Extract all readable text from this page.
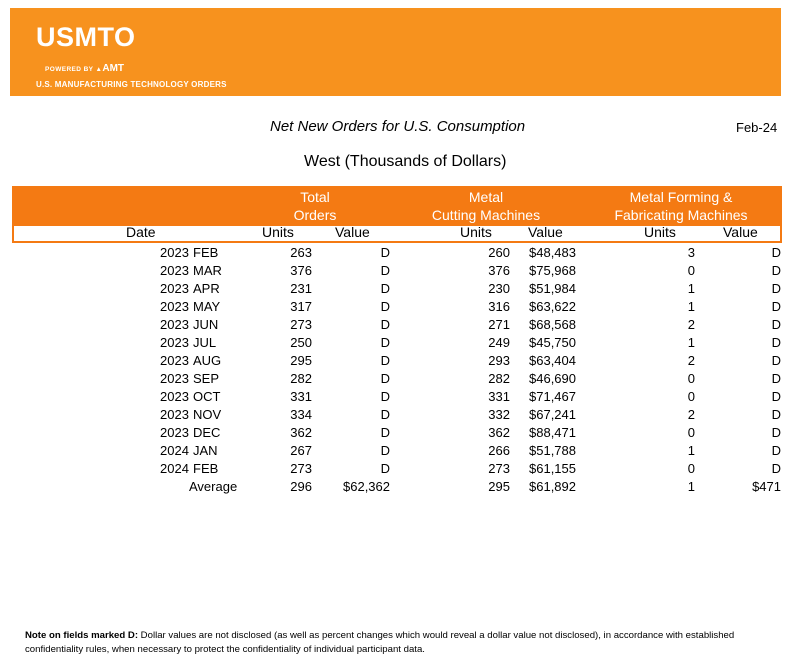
USMTO
POWERED BY ▲AMT
U.S. MANUFACTURING TECHNOLOGY ORDERS
Net New Orders for U.S. Consumption	Feb-24
West (Thousands of Dollars)
Total
Orders
Metal
Cutting Machines
Metal Forming &
Fabricating Machines
Date	Units	Value	Units	Value	Units	Value
2023 FEB	263	D	260	$48,483	3	D
2023 MAR	376	D	376	$75,968	0	D
2023 APR	231	D	230	$51,984	1	D
2023 MAY	317	D	316	$63,622	1	D
2023 JUN	273	D	271	$68,568	2	D
2023 JUL	250	D	249	$45,750	1	D
2023 AUG	295	D	293	$63,404	2	D
2023 SEP	282	D	282	$46,690	0	D
2023 OCT	331	D	331	$71,467	0	D
2023 NOV	334	D	332	$67,241	2	D
2023 DEC	362	D	362	$88,471	0	D
2024 JAN	267	D	266	$51,788	1	D
2024 FEB	273	D	273	$61,155	0	D
Average	296	$62,362	295	$61,892	1	$471
Note on fields marked D: Dollar values are not disclosed (as well as percent changes which would reveal a dollar value not disclosed), in accordance with established confidentiality rules, when necessary to protect the confidentiality of individual participant data.
